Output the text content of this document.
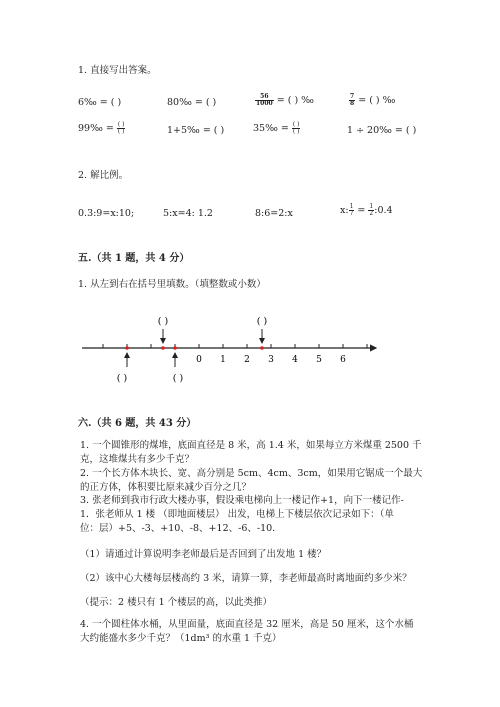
1. 直接写出答案。
6‰ = ( )	80‰ = ( )	$\frac{56}{1000}$ = ( ) ‰	$\frac{7}{8}$ = ( ) ‰
99‰ = $\frac{( )}{( )}$	1+5‰ = ( )	35‰ = $\frac{( )}{( )}$	1 ÷ 20‰ = ( )
2. 解比例。
0.3:9=x:10;	5:x=4: 1.2	8:6=2:x	x: $\frac{1}{7} = \frac{1}{2}$ :0.4
五.（共 1 题，共 4 分）
1. 从左到右在括号里填数。（填整数或小数）
0 1 2 3 4 5 6
( )	( )
( )	( )
六.（共 6 题，共 43 分）
1. 一个圆锥形的煤堆，底面直径是 8 米，高 1.4 米，如果每立方米煤重 2500 千
克，这堆煤共有多少千克？
2. 一个长方体木块长、宽、高分别是 5cm、4cm、3cm，如果用它锯成一个最大
的正方体，体积要比原来减少百分之几？
3. 张老师到我市行政大楼办事，假设乘电梯向上一楼记作+1，向下一楼记作-
1．张老师从 1 楼 （即地面楼层） 出发，电梯上下楼层依次记录如下：（单
位：层）+5、-3、+10、-8、+12、-6、-10.
（1）请通过计算说明李老师最后是否回到了出发地 1 楼？
（2）该中心大楼每层楼高约 3 米，请算一算，李老师最高时离地面约多少米？
（提示：2 楼只有 1 个楼层的高，以此类推）
4. 一个圆柱体水桶，从里面量，底面直径是 32 厘米，高是 50 厘米，这个水桶
大约能盛水多少千克？（1dm³ 的水重 1 千克）
